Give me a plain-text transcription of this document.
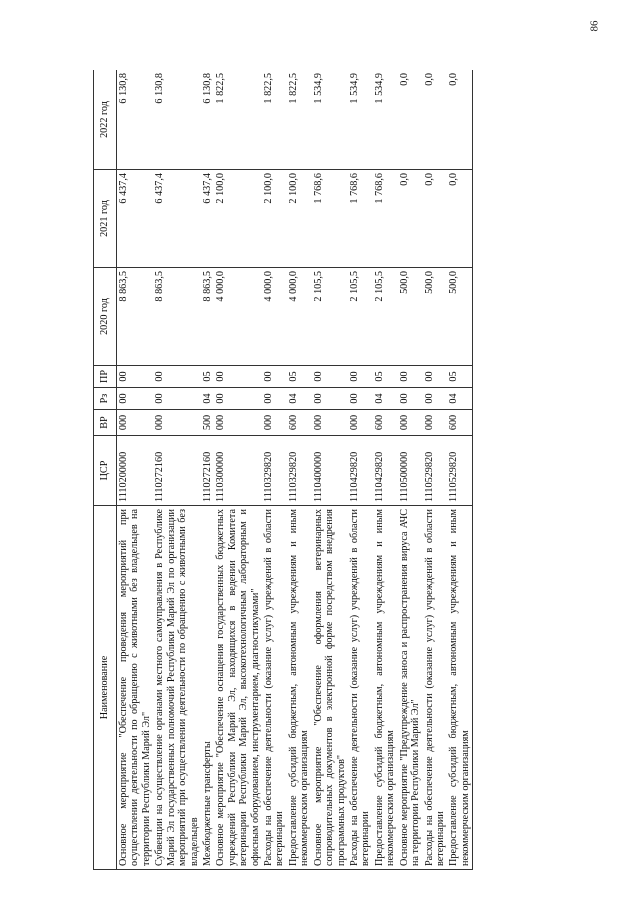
86
Наименование	ЦСР	ВР	Рз	ПР	2020 год	2021 год	2022 год
Основное мероприятие "Обеспечение проведения мероприятий при осуществлении деятельности по обращению с животными без владельцев на территории Республики Марий Эл"	1110200000	000	00	00	8 863,5	6 437,4	6 130,8
Субвенции на осуществление органами местного самоуправления в Республике Марий Эл государственных полномочий Республики Марий Эл по организации мероприятий при осуществлении деятельности по обращению с животными без владельцев	1110272160	000	00	00	8 863,5	6 437,4	6 130,8
Межбюджетные трансферты	1110272160	500	04	05	8 863,5	6 437,4	6 130,8
Основное мероприятие "Обеспечение оснащения государственных бюджетных учреждений Республики Марий Эл, находящихся в ведении Комитета ветеринарии Республики Марий Эл, высокотехнологичным лабораторным и офисным оборудованием, инструментарием, диагностикумами"	1110300000	000	00	00	4 000,0	2 100,0	1 822,5
Расходы на обеспечение деятельности (оказание услуг) учреждений в области ветеринарии	1110329820	000	00	00	4 000,0	2 100,0	1 822,5
Предоставление субсидий бюджетным, автономным учреждениям и иным некоммерческим организациям	1110329820	600	04	05	4 000,0	2 100,0	1 822,5
Основное мероприятие "Обеспечение оформления ветеринарных сопроводительных документов в электронной форме посредством внедрения программных продуктов"	1110400000	000	00	00	2 105,5	1 768,6	1 534,9
Расходы на обеспечение деятельности (оказание услуг) учреждений в области ветеринарии	1110429820	000	00	00	2 105,5	1 768,6	1 534,9
Предоставление субсидий бюджетным, автономным учреждениям и иным некоммерческим организациям	1110429820	600	04	05	2 105,5	1 768,6	1 534,9
Основное мероприятие "Предупреждение заноса и распространения вируса АЧС на территории Республики Марий Эл"	1110500000	000	00	00	500,0	0,0	0,0
Расходы на обеспечение деятельности (оказание услуг) учреждений в области ветеринарии	1110529820	000	00	00	500,0	0,0	0,0
Предоставление субсидий бюджетным, автономным учреждениям и иным некоммерческим организациям	1110529820	600	04	05	500,0	0,0	0,0
